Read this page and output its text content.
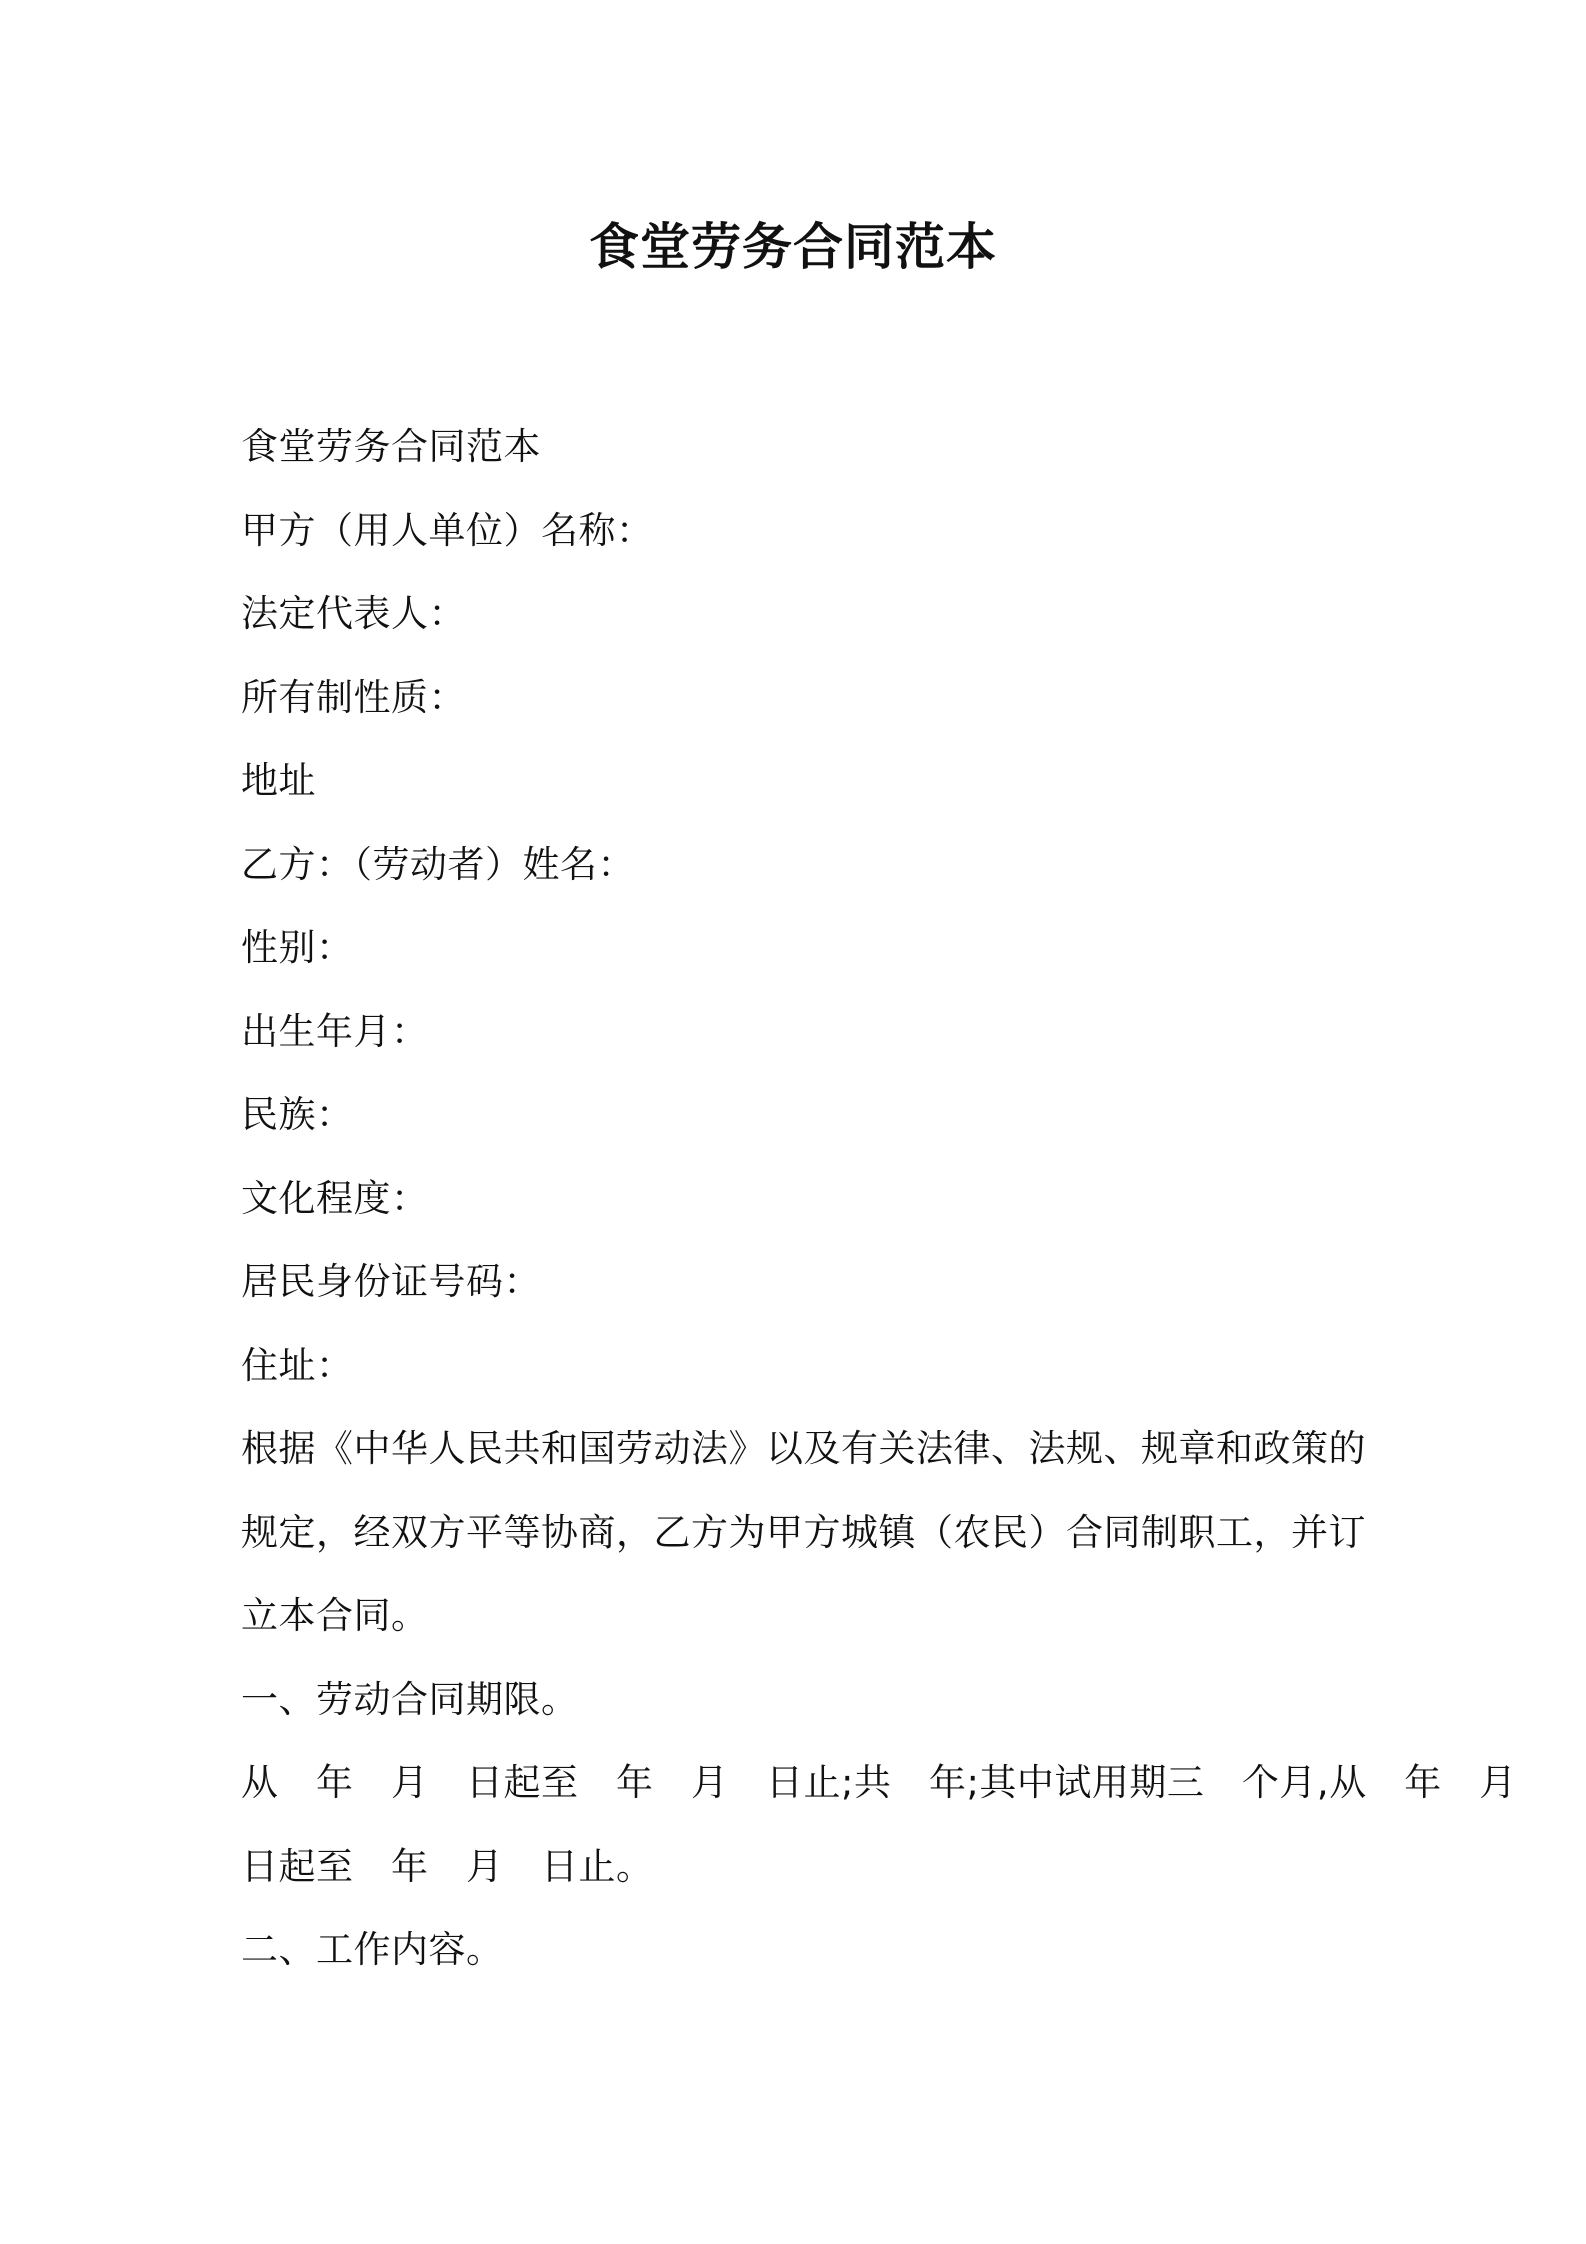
食堂劳务合同范本
食堂劳务合同范本
甲方（用人单位）名称：
法定代表人：
所有制性质：
地址
乙方：（劳动者）姓名：
性别：
出生年月：
民族：
文化程度：
居民身份证号码：
住址：
根据《中华人民共和国劳动法》以及有关法律、法规、规章和政策的
规定，经双方平等协商，乙方为甲方城镇（农民）合同制职工，并订
立本合同。
一、劳动合同期限。
从　年　月　日起至　年　月　日止;共　年;其中试用期三　个月,从　年　月
日起至　年　月　日止。
二、工作内容。
